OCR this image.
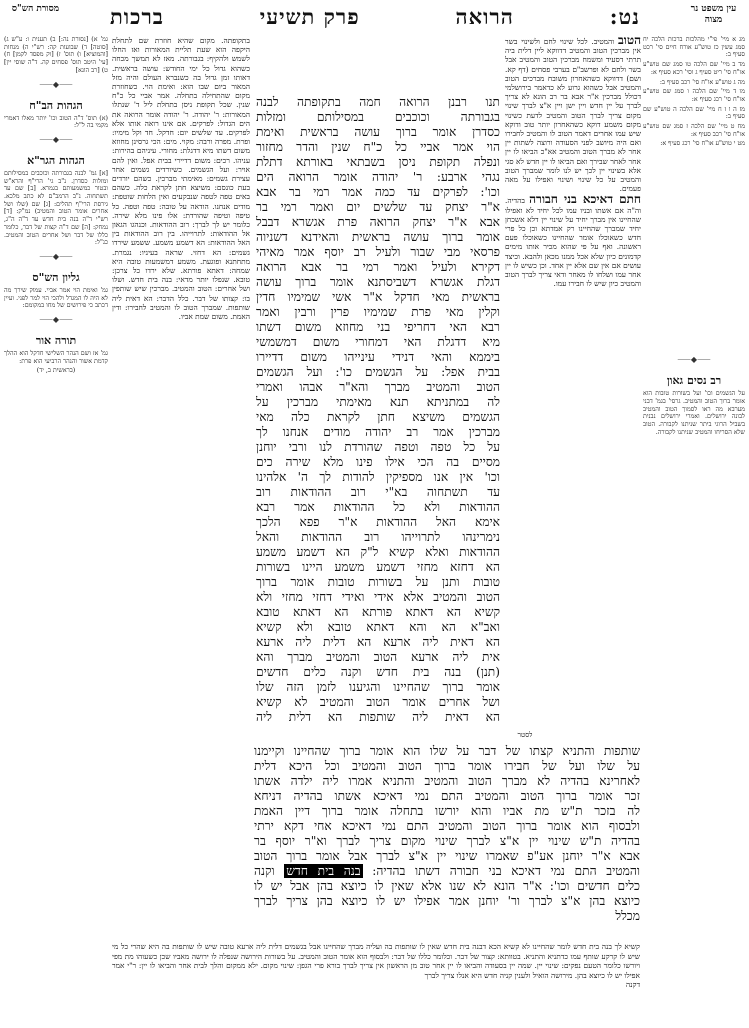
עין משפט נר מצוה
נט:
הרואה
פרק תשיעי
ברכות
מסורת הש"ס

מג א מיי' פי"י מהלכות ברכות הלכה יח סמג עשין כז טוש"ע אורח חיים סי' רכט סעיף ב:

מד ב מיי' שם הלכה טו סמג שם טוש"ע או"ח סי' ריט סעיף ג וסי' רכא סעיף א:

מה ג טוש"ע או"ח סי' רכב סעיף ב:

מו ד מיי' שם הלכה ו סמג שם טוש"ע או"ח סי' רכג סעיף א:

מז ה ו ז ח מיי' שם הלכה ה טוש"ע שם סעיף ב:

מח ט מיי' שם הלכה ז סמג שם טוש"ע או"ח סי' רכב סעיף א:

מט י טוש"ע או"ח סי' רכג סעיף א:

⸺◆⸺
רב נסים גאון

על הגשמים וכו' ועל בשורות טובות הוא אומר ברוך הטוב והמטיב. גרסי' בגמ' דבני מערבא מה ראו לסמוך הטוב והמטיב לבונה ירושלים. ואמרי ירושלים נבנית בשביל הרוגי ביתר שניתנו לקבורה. הטוב שלא הסריחו והמטיב שניתנו לקבורה.

גמ' א) [נסורת נה:] ב) תענית ו: ע"ש ג) [סוטה] ד) שבועות קה: רש"י ה) מנחות [והמוציא] ו) תוס' ז) [וק מפסד לקמן] ח) [עי' היטב תוס' פסחים קה. ד"ה שוסי יין] ט) [רב הונא]

⸺◆⸺
הגהות הב"ח

(א) תוס' ד"ה הטוב וכו' יותר מאלו דאמרי מקמי בה ל"ל:

⸺◆⸺
הגהות הגר"א

[א] גמ' לבנה בגבורתה וכוכבים במסילותם ומזלות כסדרן. נ"ב גי' הרי"ף והרא"ש ובטור כמשמעותם בגמרא. [ב] שם עד תשתחוה. נ"ב הרמב"ם לא כתב מלכא. גירסת הרי"ף תהלים: [ג] שם (שלו ושל אחרים אומר הטוב והמטיב) נמ"ק: [ד] רש"י ד"ה בנה בית חדש עד ד"ה ה"ג, נמחק: [ה] שם ד"ה קצות של דבר, כלומר כללו של דבר ושל אחרים הטוב והמטיב. כנ"ל:

⸺◆⸺
גליון הש"ס

גמ' ואימת הוי אמר אביי. עמוק שירך מה לא היה לו המגדל ולהכי הוי למר לפני. ועיין דכתב כי פירושים של מחו במקומם:

⸺◆⸺
תורה אור

גמ' אז ושם הנהר השלישי חדקל הוא ההלך קדמת אשור והנהר הרביעי הוא פרת:

(בראשית ב, יד)

הטוב והמטיב. לכל שינוי לחם ולשינוי בשר אין מברכין הטוב והמטיב דדווקא ליין דלית ביה תרתי דסעיד ומשמח מברכין הטוב והמטיב אבל בשר ולחם לא ופרשב"ם בערבי פסחים (דף קא. ושם) דדווקא כשהאחרון משובח מברכים הטוב והמטיב אבל כשהוא גרוע לא כדאמר בירושלמי דכולל מברכין א"ר אבא בר רב הונא לא צריך לברך על יין חדש ויין ישן ויין א"צ לברך שינוי מקום צריך לברך הטוב והמטיב לדעת כשינוי מקום משמע דוקא כשהאחרון יותר טוב ודוקא שיש עמו אחרים דאמר הטוב לו והמטיב לחבירו ואם היה מיושב לפני הסעודה ורוצה לשתות יין אחר לא מברך הטוב והמטיב אא"כ הביאו לו יין אחר לאחר שבירך ואם הביאו לו יין חדש לא סגי אלא בשינוי יין לכך יש לנו לומר שמברך הטוב והמטיב על כל שינוי ושינוי ואפילו על מאה פעמים.

חתם דאיכא בני חבורה בהדיה. וה"ה אם אשתו ובניו עמו לכל יחיד לא ואפילו שהחיינו אין מברך יחיד על שינוי יין דלא אשכחן יחיד שמברך שהחיינו רק אמדתא וכן כל פרי חדש כשאוכלו אומר שהחיינו כשאוכלו פעם ראשונה. ואף על פי שהוא מכיר אותו מימים קדמונים כיון שלא אכל ממנו מכאן ולהבא. וכיצד עושים אם אין שם אלא יין אחד. וכן כשיש לו יין אחר עמו ושלחו לו מאחר ודאי צריך לברך הטוב והמטיב כיון שיש לו חבירו עמו.

בתקופתה. מקום שהיא חוזרת שם לתחלת היקפה הוא שעת תליית המאורות ואז החלו לשמש ולהקיף: בגבורתה. מאז לא תמשך מכחה כשהוא גדול כל ימי החודש: עושה בראשית. דאותו זמן גדול בה כשנברא העולם והיה מזל המאור ביום שבו הוא: ואימת הוי. כשחוזרת מקום שהתחילה בתחלה. אמר אביי כל כ"ח שנין. שכל תקופת ניסן בתחלת ליל ד' שנתלו המאורות: ר' יהודה. ר' יהודה אומר הרואה את הים הגדול: לפרקים. אם אינו רואה אותו אלא לפרקים. עד שלשים יום: חדקל. חד וקל מימיו: ופרת. מפרה ורבה: מקוי. מים: הכי גרסינן מחוזא משום דשתו מיא דדגלת: מחורי. עיניהם בהירות: עניהו. רכים: משום דדיירי בבית אפל. ואין להם אויר: ועל הגשמים. כשיורדים גשמים אחר עצירת גשמים: מאימתי מברכין. כשהם יורדים בעת כונסם: משיצא חתן לקראת כלה. כשהם באים טפה לטפה שנבקעים ואין הלחות שוטפת: מודים אנחנו. הודאה על טובה: טפה וטפה. כל טיפה וטיפה שהורדת: אלו פינו מלא שירה. כלומר יש לך לברך: רוב ההודאות. וכנהגו הגאון אל ההודאות: לתרוייהו. בין רוב ההודאות בין האל ההודאות: הא דשמע משמע. ששמע שירדו גשמים: הא דחזי. שראה בעיניו: נגמרת. מתחתנא ופוגעת. משמע דמשמעות טובה היא שמחה: דאתא פורתא. שלא ירדו כל צרכן: טובא. שנפלו יותר מדאי: בנה בית חדש. ושלו ושל אחרים: הטוב והמטיב. מברכין שיש שותפין בו: קצותו של דבר. כלל הדבר: הא דאית ליה שותפות. שמברך הטוב לו והמטיב לחבירו: ודין האמת. משום שמת אביו.

תנו רבנן הרואה חמה בתקופתה לבנה

בגבורתה וכוכבים במסילותם ומזלות

כסדרן אומר ברוך עושה בראשית ואימת

הוי אמר אביי כל כ"ח שנין והדר מחזור

ונפלה תקופת ניסן בשבתאי באורתא דתלת

נגהי ארבע: ר' יהודה אומר הרואה הים

וכו': לפרקים עד כמה אמר רמי בר אבא

א"ר יצחק עד שלשים יום ואמר רמי בר

אבא א"ר יצחק הרואה פרת אגשרא דבבל

אומר ברוך עושה בראשית והאידנא דשניוה

פרסאי מבי שבור ולעיל רב יוסף אמר מאיהי

דקירא ולעיל ואמר רמי בר אבא הרואה

דגלת אגשרא דשביסתנא אומר ברוך עושה

בראשית מאי חדקל א"ר אשי שמימיו חדין

וקלין מאי פרת שמימיו פרין ורבין ואמר

רבא האי דחריפי בני מחוזא משום דשתו

מיא דדגלת האי דמחורי משום דמשמשי

ביממא והאי דנידי עינייהו משום דדיירו

בבית אפל: על הגשמים כו': ועל הגשמים

הטוב והמטיב מברך והא"ר אבהו ואמרי

לה במתניתא תנא מאימתי מברכין על

הגשמים משיצא חתן לקראת כלה מאי

מברכין אמר רב יהודה מודים אנחנו לך

על כל טפה וטפה שהורדת לנו ורבי יוחנן

מסיים בה הכי אילו פינו מלא שירה כים

וכו' אין אנו מספיקין להודות לך ה' אלהינו

עד תשתחוה בא"י רוב ההודאות רוב

ההודאות ולא כל ההודאות אמר רבא

אימא האל ההודאות א"ר פפא הלכך

נימרינהו לתרוייהו רוב ההודאות והאל

ההודאות ואלא קשיא ל"ק הא דשמע משמע

הא דחזא מחזי דשמע משמע היינו בשורות

טובות ותנן על בשורות טובות אומר ברוך

הטוב והמטיב אלא אידי ואידי דחזי מחזי ולא

קשיא הא דאתא פורתא הא דאתא טובא

ואב"א הא והא דאתא טובא ולא קשיא

הא דאית ליה ארעא הא דלית ליה ארעא

אית ליה ארעא הטוב והמטיב מברך והא

(תנן) בנה בית חדש וקנה כלים חדשים

אומר ברוך שהחיינו והגיענו לזמן הזה שלו

ושל אחרים אומר הטוב והמטיב לא קשיא

הא דאית ליה שותפות הא דלית ליה

לסטר

שותפות והתניא קצתו של דבר על שלו הוא אומר ברוך שהחיינו וקיימנו

על שלו ועל של חבירו אומר ברוך הטוב והמטיב וכל היכא דלית

לאחרינא בהדיה לא מברך הטוב והמטיב והתניא אמרו ליה ילדה אשתו

זכר אומר ברוך הטוב והמטיב התם נמי דאיכא אשתו בהדיה דניחא

לה בזכר ת"ש מת אביו והוא יורשו בתחלה אומר ברוך דיין האמת

ולבסוף הוא אומר ברוך הטוב והמטיב התם נמי דאיכא אחי דקא ירתי

בהדיה ת"ש שינוי יין א"צ לברך שינוי מקום צריך לברך וא"ר יוסף בר

אבא א"ר יוחנן אע"פ שאמרו שינוי יין א"צ לברך אבל אומר ברוך הטוב

והמטיב התם נמי דאיכא בני חבורה דשתו בהדיה: בנה בית חדש וקנה

כלים חדשים וכו': א"ר הונא לא שנו אלא שאין לו כיוצא בהן אבל יש לו

כיוצא בהן א"צ לברך ור' יוחנן אמר אפילו יש לו כיוצא בהן צריך לברך

מכלל

קשיא לך בנה בית חדש לומר שהחיינו לא קשיא הכא דבנה בית חדש שאין לו שותפות בה ועליה מברך שהחיינו אבל בגשמים דלית ליה ארעא טובה שיש לו שותפות בה היא שהרי כל מי שיש לו קרקע שותף עמו כדתניא והתניא. בטוותא: קצור של דבר. וכלומר כללו של דבר: ולבסוף הוא אומר הטוב והמטיב. על בשורות הירושה שנפלה לו ירושה מאביו שכן כשעוהו מת מפי ויורשו כלומר הטעם נפקים: שינוי יין. שמה יין בסעודה והביאו לו יין אחר טוב מן הראשון אין צריך לברך בורא פרי הגפן: שינוי מקום. ילא ממקום והלך לבית אחר והביאו לו יין: ר"י אמר אפילו יש לו כיוצא בהן. מירושה הואיל ולענין קניה חדש היא אנלו צריך לברך

דקנה
